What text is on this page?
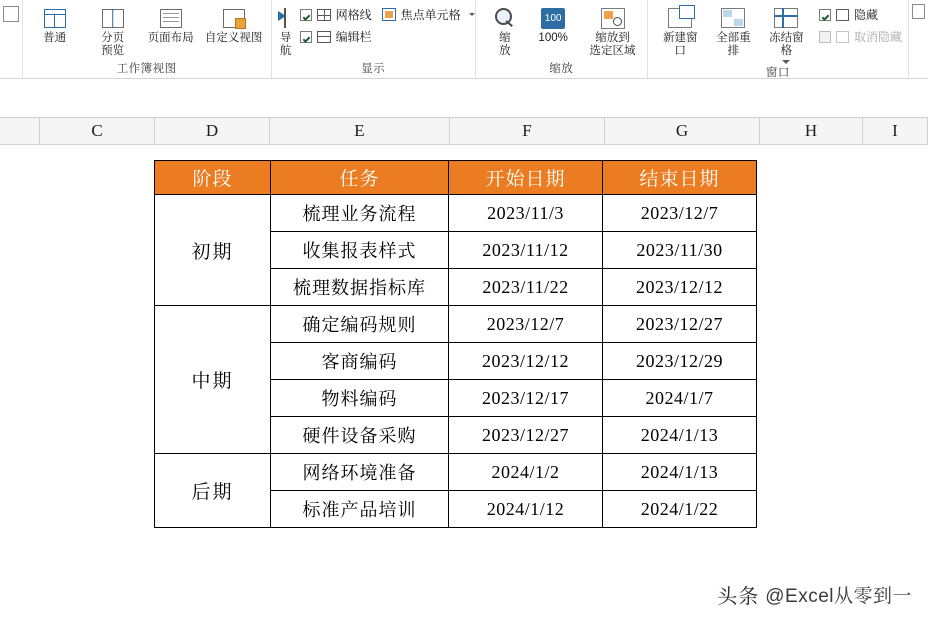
普通	分页
预览
页面布局 自定义视图
工作簿视图
导
航
网格线
编辑栏
焦点单元格
显示
缩
放
100
100% 缩放到
选定区域
缩放
新建窗口
全部重排
冻结窗格
隐藏
取消隐藏
窗口
C	D	E	F	G	H	I
阶段	任务	开始日期	结束日期
初期	梳理业务流程	2023/11/3	2023/12/7
	收集报表样式	2023/11/12	2023/11/30
	梳理数据指标库	2023/11/22	2023/12/12
中期	确定编码规则	2023/12/7	2023/12/27
	客商编码	2023/12/12	2023/12/29
	物料编码	2023/12/17	2024/1/7
	硬件设备采购	2023/12/27	2024/1/13
后期	网络环境准备	2024/1/2	2024/1/13
	标准产品培训	2024/1/12	2024/1/22
头条 @Excel从零到一
